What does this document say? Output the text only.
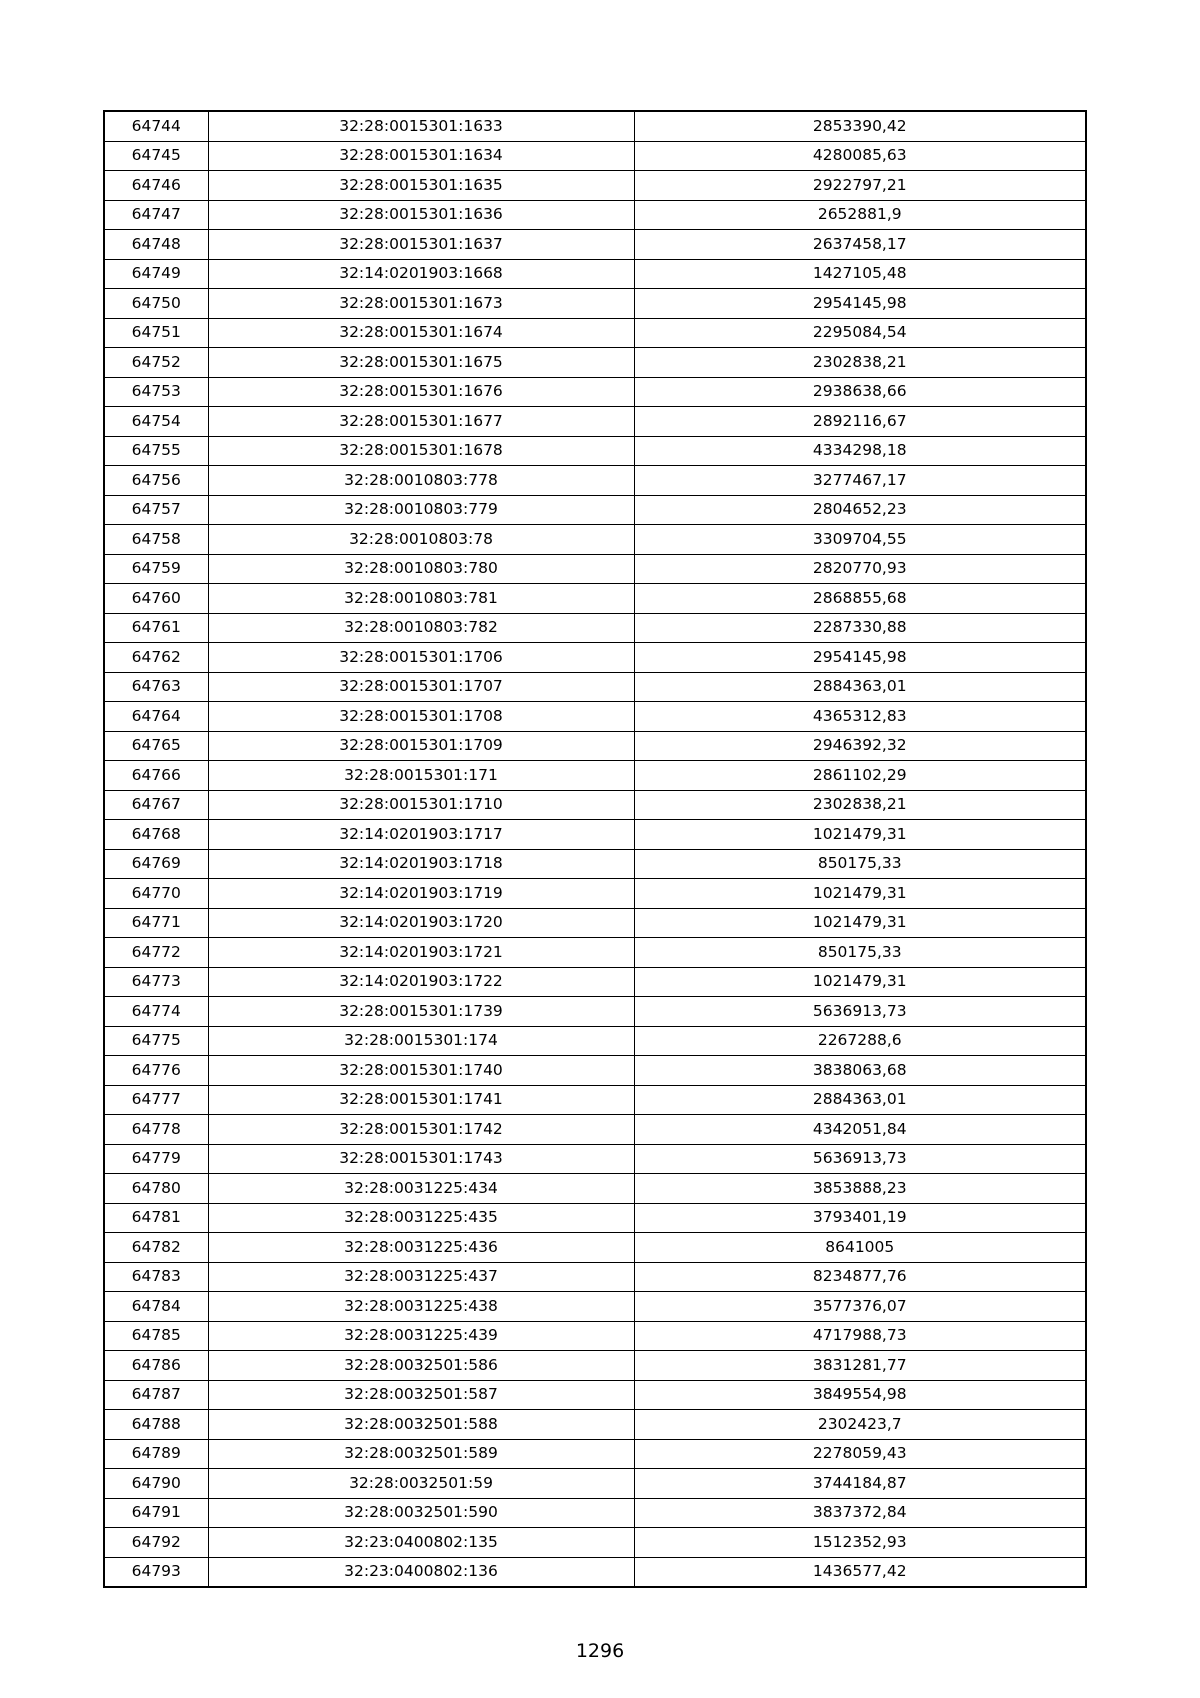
64744	32:28:0015301:1633	2853390,42
64745	32:28:0015301:1634	4280085,63
64746	32:28:0015301:1635	2922797,21
64747	32:28:0015301:1636	2652881,9
64748	32:28:0015301:1637	2637458,17
64749	32:14:0201903:1668	1427105,48
64750	32:28:0015301:1673	2954145,98
64751	32:28:0015301:1674	2295084,54
64752	32:28:0015301:1675	2302838,21
64753	32:28:0015301:1676	2938638,66
64754	32:28:0015301:1677	2892116,67
64755	32:28:0015301:1678	4334298,18
64756	32:28:0010803:778	3277467,17
64757	32:28:0010803:779	2804652,23
64758	32:28:0010803:78	3309704,55
64759	32:28:0010803:780	2820770,93
64760	32:28:0010803:781	2868855,68
64761	32:28:0010803:782	2287330,88
64762	32:28:0015301:1706	2954145,98
64763	32:28:0015301:1707	2884363,01
64764	32:28:0015301:1708	4365312,83
64765	32:28:0015301:1709	2946392,32
64766	32:28:0015301:171	2861102,29
64767	32:28:0015301:1710	2302838,21
64768	32:14:0201903:1717	1021479,31
64769	32:14:0201903:1718	850175,33
64770	32:14:0201903:1719	1021479,31
64771	32:14:0201903:1720	1021479,31
64772	32:14:0201903:1721	850175,33
64773	32:14:0201903:1722	1021479,31
64774	32:28:0015301:1739	5636913,73
64775	32:28:0015301:174	2267288,6
64776	32:28:0015301:1740	3838063,68
64777	32:28:0015301:1741	2884363,01
64778	32:28:0015301:1742	4342051,84
64779	32:28:0015301:1743	5636913,73
64780	32:28:0031225:434	3853888,23
64781	32:28:0031225:435	3793401,19
64782	32:28:0031225:436	8641005
64783	32:28:0031225:437	8234877,76
64784	32:28:0031225:438	3577376,07
64785	32:28:0031225:439	4717988,73
64786	32:28:0032501:586	3831281,77
64787	32:28:0032501:587	3849554,98
64788	32:28:0032501:588	2302423,7
64789	32:28:0032501:589	2278059,43
64790	32:28:0032501:59	3744184,87
64791	32:28:0032501:590	3837372,84
64792	32:23:0400802:135	1512352,93
64793	32:23:0400802:136	1436577,42
1296
